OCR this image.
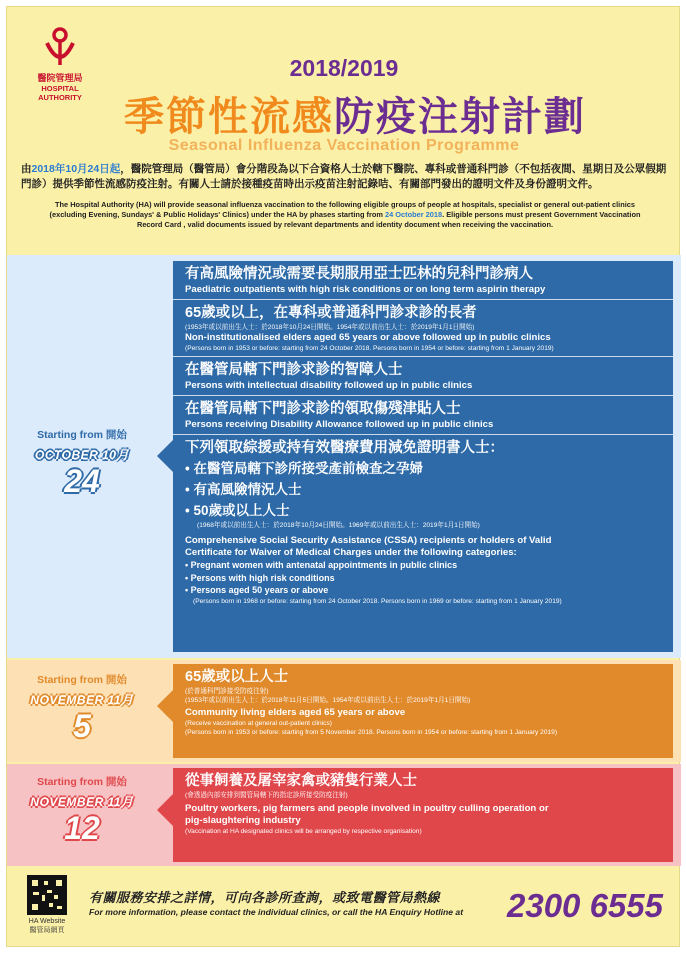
醫院管理局
HOSPITAL
AUTHORITY
2018/2019
季節性流感防疫注射計劃
Seasonal Influenza Vaccination Programme
由2018年10月24日起，醫院管理局（醫管局）會分階段為以下合資格人士於轄下醫院、專科或普通科門診（不包括夜間、星期日及公眾假期門診）提供季節性流感防疫注射。有關人士請於接種疫苗時出示疫苗注射記錄咭、有關部門發出的證明文件及身份證明文件。
The Hospital Authority (HA) will provide seasonal influenza vaccination to the following eligible groups of people at hospitals, specialist or general out-patient clinics (excluding Evening, Sundays' & Public Holidays' Clinics) under the HA by phases starting from 24 October 2018. Eligible persons must present Government Vaccination Record Card , valid documents issued by relevant departments and identity document when receiving the vaccination.
Starting from 開始
OCTOBER 10月
24
有高風險情況或需要長期服用亞士匹林的兒科門診病人
Paediatric outpatients with high risk conditions or on long term aspirin therapy
65歲或以上，在專科或普通科門診求診的長者
(1953年或以前出生人士：於2018年10月24日開始。1954年或以前出生人士：於2019年1月1日開始)
Non-institutionalised elders aged 65 years or above followed up in public clinics
(Persons born in 1953 or before: starting from 24 October 2018. Persons born in 1954 or before: starting from 1 January 2019)
在醫管局轄下門診求診的智障人士
Persons with intellectual disability followed up in public clinics
在醫管局轄下門診求診的領取傷殘津貼人士
Persons receiving Disability Allowance followed up in public clinics
下列領取綜援或持有效醫療費用減免證明書人士：
• 在醫管局轄下診所接受產前檢查之孕婦
• 有高風險情況人士
• 50歲或以上人士
(1968年或以前出生人士：於2018年10月24日開始。1969年或以前出生人士：2019年1月1日開始)
Comprehensive Social Security Assistance (CSSA) recipients or holders of Valid
Certificate for Waiver of Medical Charges under the following categories:
• Pregnant women with antenatal appointments in public clinics
• Persons with high risk conditions
• Persons aged 50 years or above
(Persons born in 1968 or before: starting from 24 October 2018. Persons born in 1969 or before: starting from 1 January 2019)
Starting from 開始
NOVEMBER 11月
5
65歲或以上人士
(於普通科門診接受防疫注射)
(1953年或以前出生人士：於2018年11月5日開始。1954年或以前出生人士：於2019年1月1日開始)
Community living elders aged 65 years or above
(Receive vaccination at general out-patient clinics)
(Persons born in 1953 or before: starting from 5 November 2018. Persons born in 1954 or before: starting from 1 January 2019)
Starting from 開始
NOVEMBER 11月
12
從事飼養及屠宰家禽或豬隻行業人士
(會透過內部安排到醫管局轄下的指定診所接受防疫注射)
Poultry workers, pig farmers and people involved in poultry culling operation or
pig-slaughtering industry
(Vaccination at HA designated clinics will be arranged by respective organisation)
HA Website
醫管局網頁
有關服務安排之詳情，可向各診所查詢，或致電醫管局熱線
For more information, please contact the individual clinics, or call the HA Enquiry Hotline at 2300 6555
